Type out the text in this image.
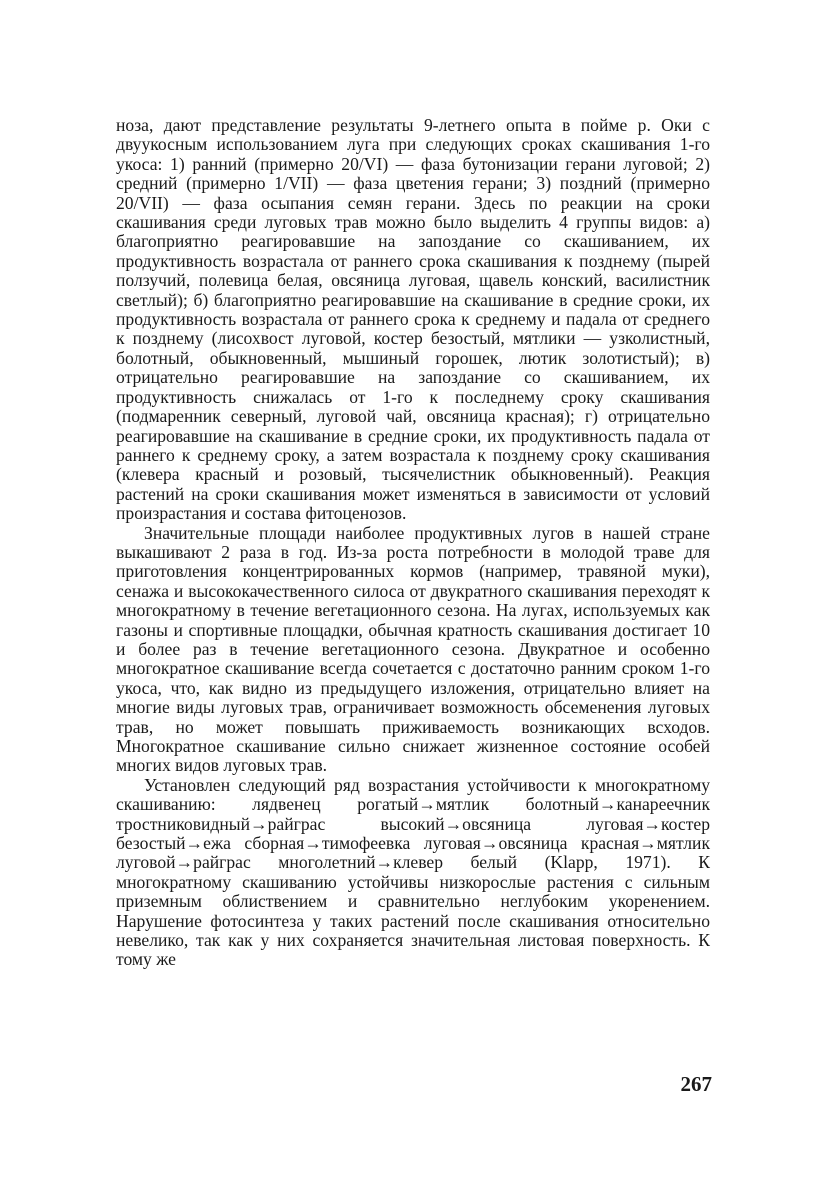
ноза, дают представление результаты 9-летнего опыта в пойме р. Оки с двуукосным использованием луга при следующих сроках скашивания 1-го укоса: 1) ранний (примерно 20/VI) — фаза бутонизации герани луговой; 2) средний (примерно 1/VII) — фаза цветения герани; 3) поздний (примерно 20/VII) — фаза осыпания семян герани. Здесь по реакции на сроки скашивания среди луговых трав можно было выделить 4 группы видов: а) благоприятно реагировавшие на запоздание со скашиванием, их продуктивность возрастала от раннего срока скашивания к позднему (пырей ползучий, полевица белая, овсяница луговая, щавель конский, василистник светлый); б) благоприятно реагировавшие на скашивание в средние сроки, их продуктивность возрастала от раннего срока к среднему и падала от среднего к позднему (лисохвост луговой, костер безостый, мятлики — узколистный, болотный, обыкновенный, мышиный горошек, лютик золотистый); в) отрицательно реагировавшие на запоздание со скашиванием, их продуктивность снижалась от 1-го к последнему сроку скашивания (подмаренник северный, луговой чай, овсяница красная); г) отрицательно реагировавшие на скашивание в средние сроки, их продуктивность падала от раннего к среднему сроку, а затем возрастала к позднему сроку скашивания (клевера красный и розовый, тысячелистник обыкновенный). Реакция растений на сроки скашивания может изменяться в зависимости от условий произрастания и состава фитоценозов.

Значительные площади наиболее продуктивных лугов в нашей стране выкашивают 2 раза в год. Из-за роста потребности в молодой траве для приготовления концентрированных кормов (например, травяной муки), сенажа и высококачественного силоса от двукратного скашивания переходят к многократному в течение вегетационного сезона. На лугах, используемых как газоны и спортивные площадки, обычная кратность скашивания достигает 10 и более раз в течение вегетационного сезона. Двукратное и особенно многократное скашивание всегда сочетается с достаточно ранним сроком 1-го укоса, что, как видно из предыдущего изложения, отрицательно влияет на многие виды луговых трав, ограничивает возможность обсеменения луговых трав, но может повышать приживаемость возникающих всходов. Многократное скашивание сильно снижает жизненное состояние особей многих видов луговых трав.

Установлен следующий ряд возрастания устойчивости к многократному скашиванию: лядвенец рогатый→мятлик болотный→канареечник тростниковидный→райграс высокий→овсяница луговая→костер безостый→ежа сборная→тимофеевка луговая→овсяница красная→мятлик луговой→райграс многолетний→клевер белый (Klapp, 1971). К многократному скашиванию устойчивы низкорослые растения с сильным приземным облиствением и сравнительно неглубоким укоренением. Нарушение фотосинтеза у таких растений после скашивания относительно невелико, так как у них сохраняется значительная листовая поверхность. К тому же

267
